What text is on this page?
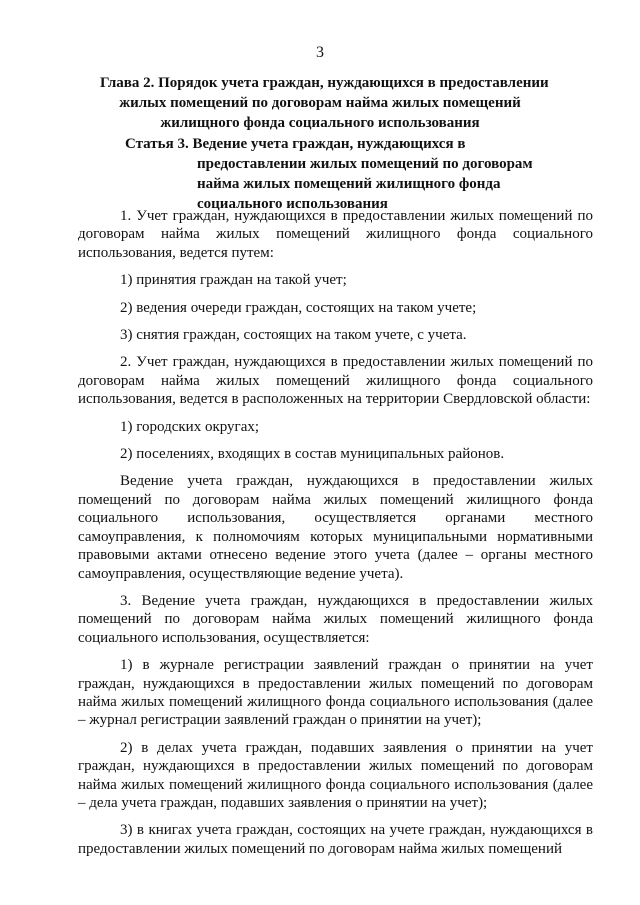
3
Глава 2. Порядок учета граждан, нуждающихся в предоставлении
жилых помещений по договорам найма жилых помещений
жилищного фонда социального использования
Статья 3. Ведение учета граждан, нуждающихся в
предоставлении жилых помещений по договорам
найма жилых помещений жилищного фонда
социального использования

1. Учет граждан, нуждающихся в предоставлении жилых помещений по договорам найма жилых помещений жилищного фонда социального использования, ведется путем:

1) принятия граждан на такой учет;

2) ведения очереди граждан, состоящих на таком учете;

3) снятия граждан, состоящих на таком учете, с учета.

2. Учет граждан, нуждающихся в предоставлении жилых помещений по договорам найма жилых помещений жилищного фонда социального использования, ведется в расположенных на территории Свердловской области:

1) городских округах;

2) поселениях, входящих в состав муниципальных районов.

Ведение учета граждан, нуждающихся в предоставлении жилых помещений по договорам найма жилых помещений жилищного фонда социального использования, осуществляется органами местного самоуправления, к полномочиям которых муниципальными нормативными правовыми актами отнесено ведение этого учета (далее – органы местного самоуправления, осуществляющие ведение учета).

3. Ведение учета граждан, нуждающихся в предоставлении жилых помещений по договорам найма жилых помещений жилищного фонда социального использования, осуществляется:

1) в журнале регистрации заявлений граждан о принятии на учет граждан, нуждающихся в предоставлении жилых помещений по договорам найма жилых помещений жилищного фонда социального использования (далее – журнал регистрации заявлений граждан о принятии на учет);

2) в делах учета граждан, подавших заявления о принятии на учет граждан, нуждающихся в предоставлении жилых помещений по договорам найма жилых помещений жилищного фонда социального использования (далее – дела учета граждан, подавших заявления о принятии на учет);

3) в книгах учета граждан, состоящих на учете граждан, нуждающихся в предоставлении жилых помещений по договорам найма жилых помещений
